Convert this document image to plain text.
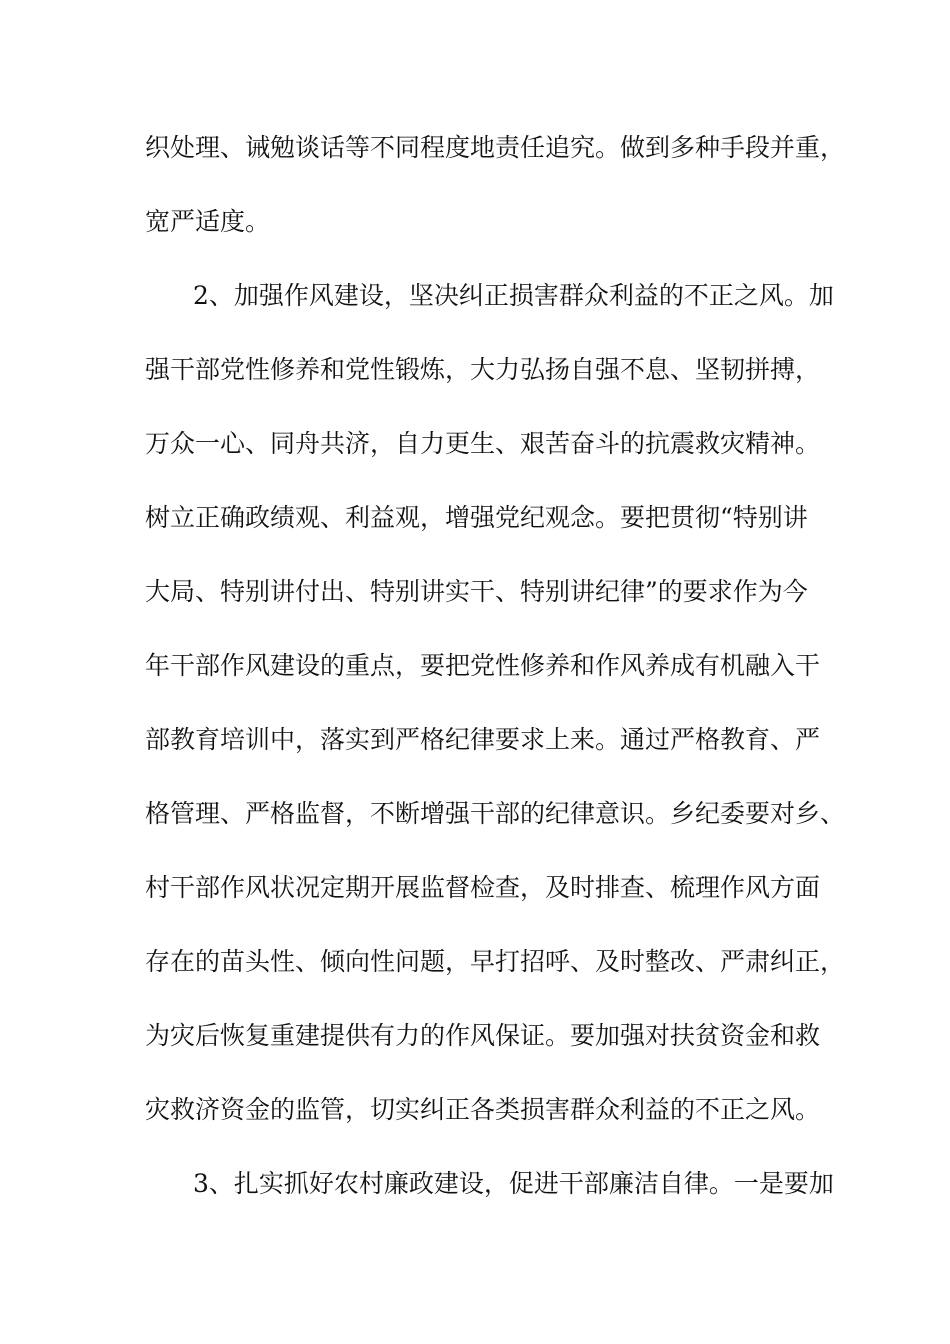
织处理、诫勉谈话等不同程度地责任追究。做到多种手段并重，
宽严适度。
2、加强作风建设，坚决纠正损害群众利益的不正之风。加
强干部党性修养和党性锻炼，大力弘扬自强不息、坚韧拼搏，
万众一心、同舟共济，自力更生、艰苦奋斗的抗震救灾精神。
树立正确政绩观、利益观，增强党纪观念。要把贯彻“特别讲
大局、特别讲付出、特别讲实干、特别讲纪律”的要求作为今
年干部作风建设的重点，要把党性修养和作风养成有机融入干
部教育培训中，落实到严格纪律要求上来。通过严格教育、严
格管理、严格监督，不断增强干部的纪律意识。乡纪委要对乡、
村干部作风状况定期开展监督检查，及时排查、梳理作风方面
存在的苗头性、倾向性问题，早打招呼、及时整改、严肃纠正，
为灾后恢复重建提供有力的作风保证。要加强对扶贫资金和救
灾救济资金的监管，切实纠正各类损害群众利益的不正之风。
3、扎实抓好农村廉政建设，促进干部廉洁自律。一是要加
